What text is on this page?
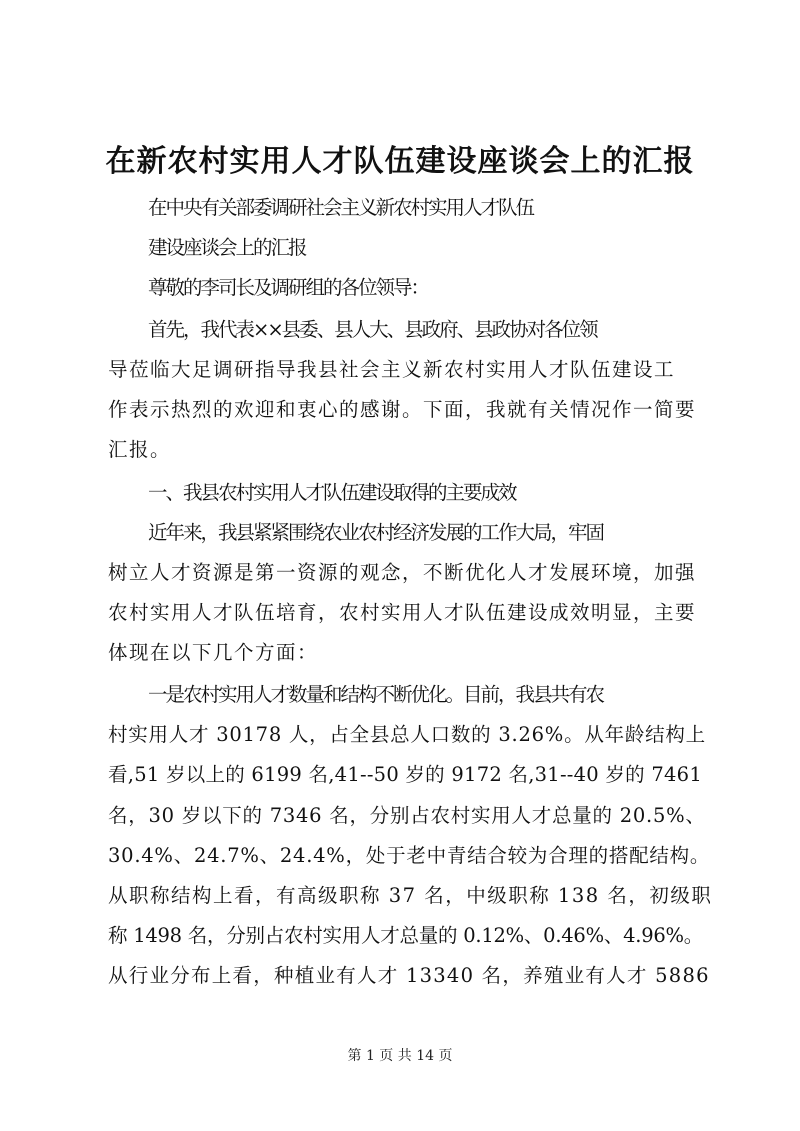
在新农村实用人才队伍建设座谈会上的汇报
在中央有关部委调研社会主义新农村实用人才队伍
建设座谈会上的汇报
尊敬的李司长及调研组的各位领导：
首先，我代表××县委、县人大、县政府、县政协对各位领
导莅临大足调研指导我县社会主义新农村实用人才队伍建设工
作表示热烈的欢迎和衷心的感谢。下面，我就有关情况作一简要
汇报。
一、我县农村实用人才队伍建设取得的主要成效
近年来，我县紧紧围绕农业农村经济发展的工作大局，牢固
树立人才资源是第一资源的观念，不断优化人才发展环境，加强
农村实用人才队伍培育，农村实用人才队伍建设成效明显，主要
体现在以下几个方面：
一是农村实用人才数量和结构不断优化。目前，我县共有农
村实用人才 30178 人，占全县总人口数的 3.26%。从年龄结构上
看,51 岁以上的 6199 名,41--50 岁的 9172 名,31--40 岁的 7461
名，30 岁以下的 7346 名，分别占农村实用人才总量的 20.5%、
30.4%、24.7%、24.4%，处于老中青结合较为合理的搭配结构。
从职称结构上看，有高级职称 37 名，中级职称 138 名，初级职
称 1498 名，分别占农村实用人才总量的 0.12%、0.46%、4.96%。
从行业分布上看，种植业有人才 13340 名，养殖业有人才 5886
第 1 页 共 14 页
